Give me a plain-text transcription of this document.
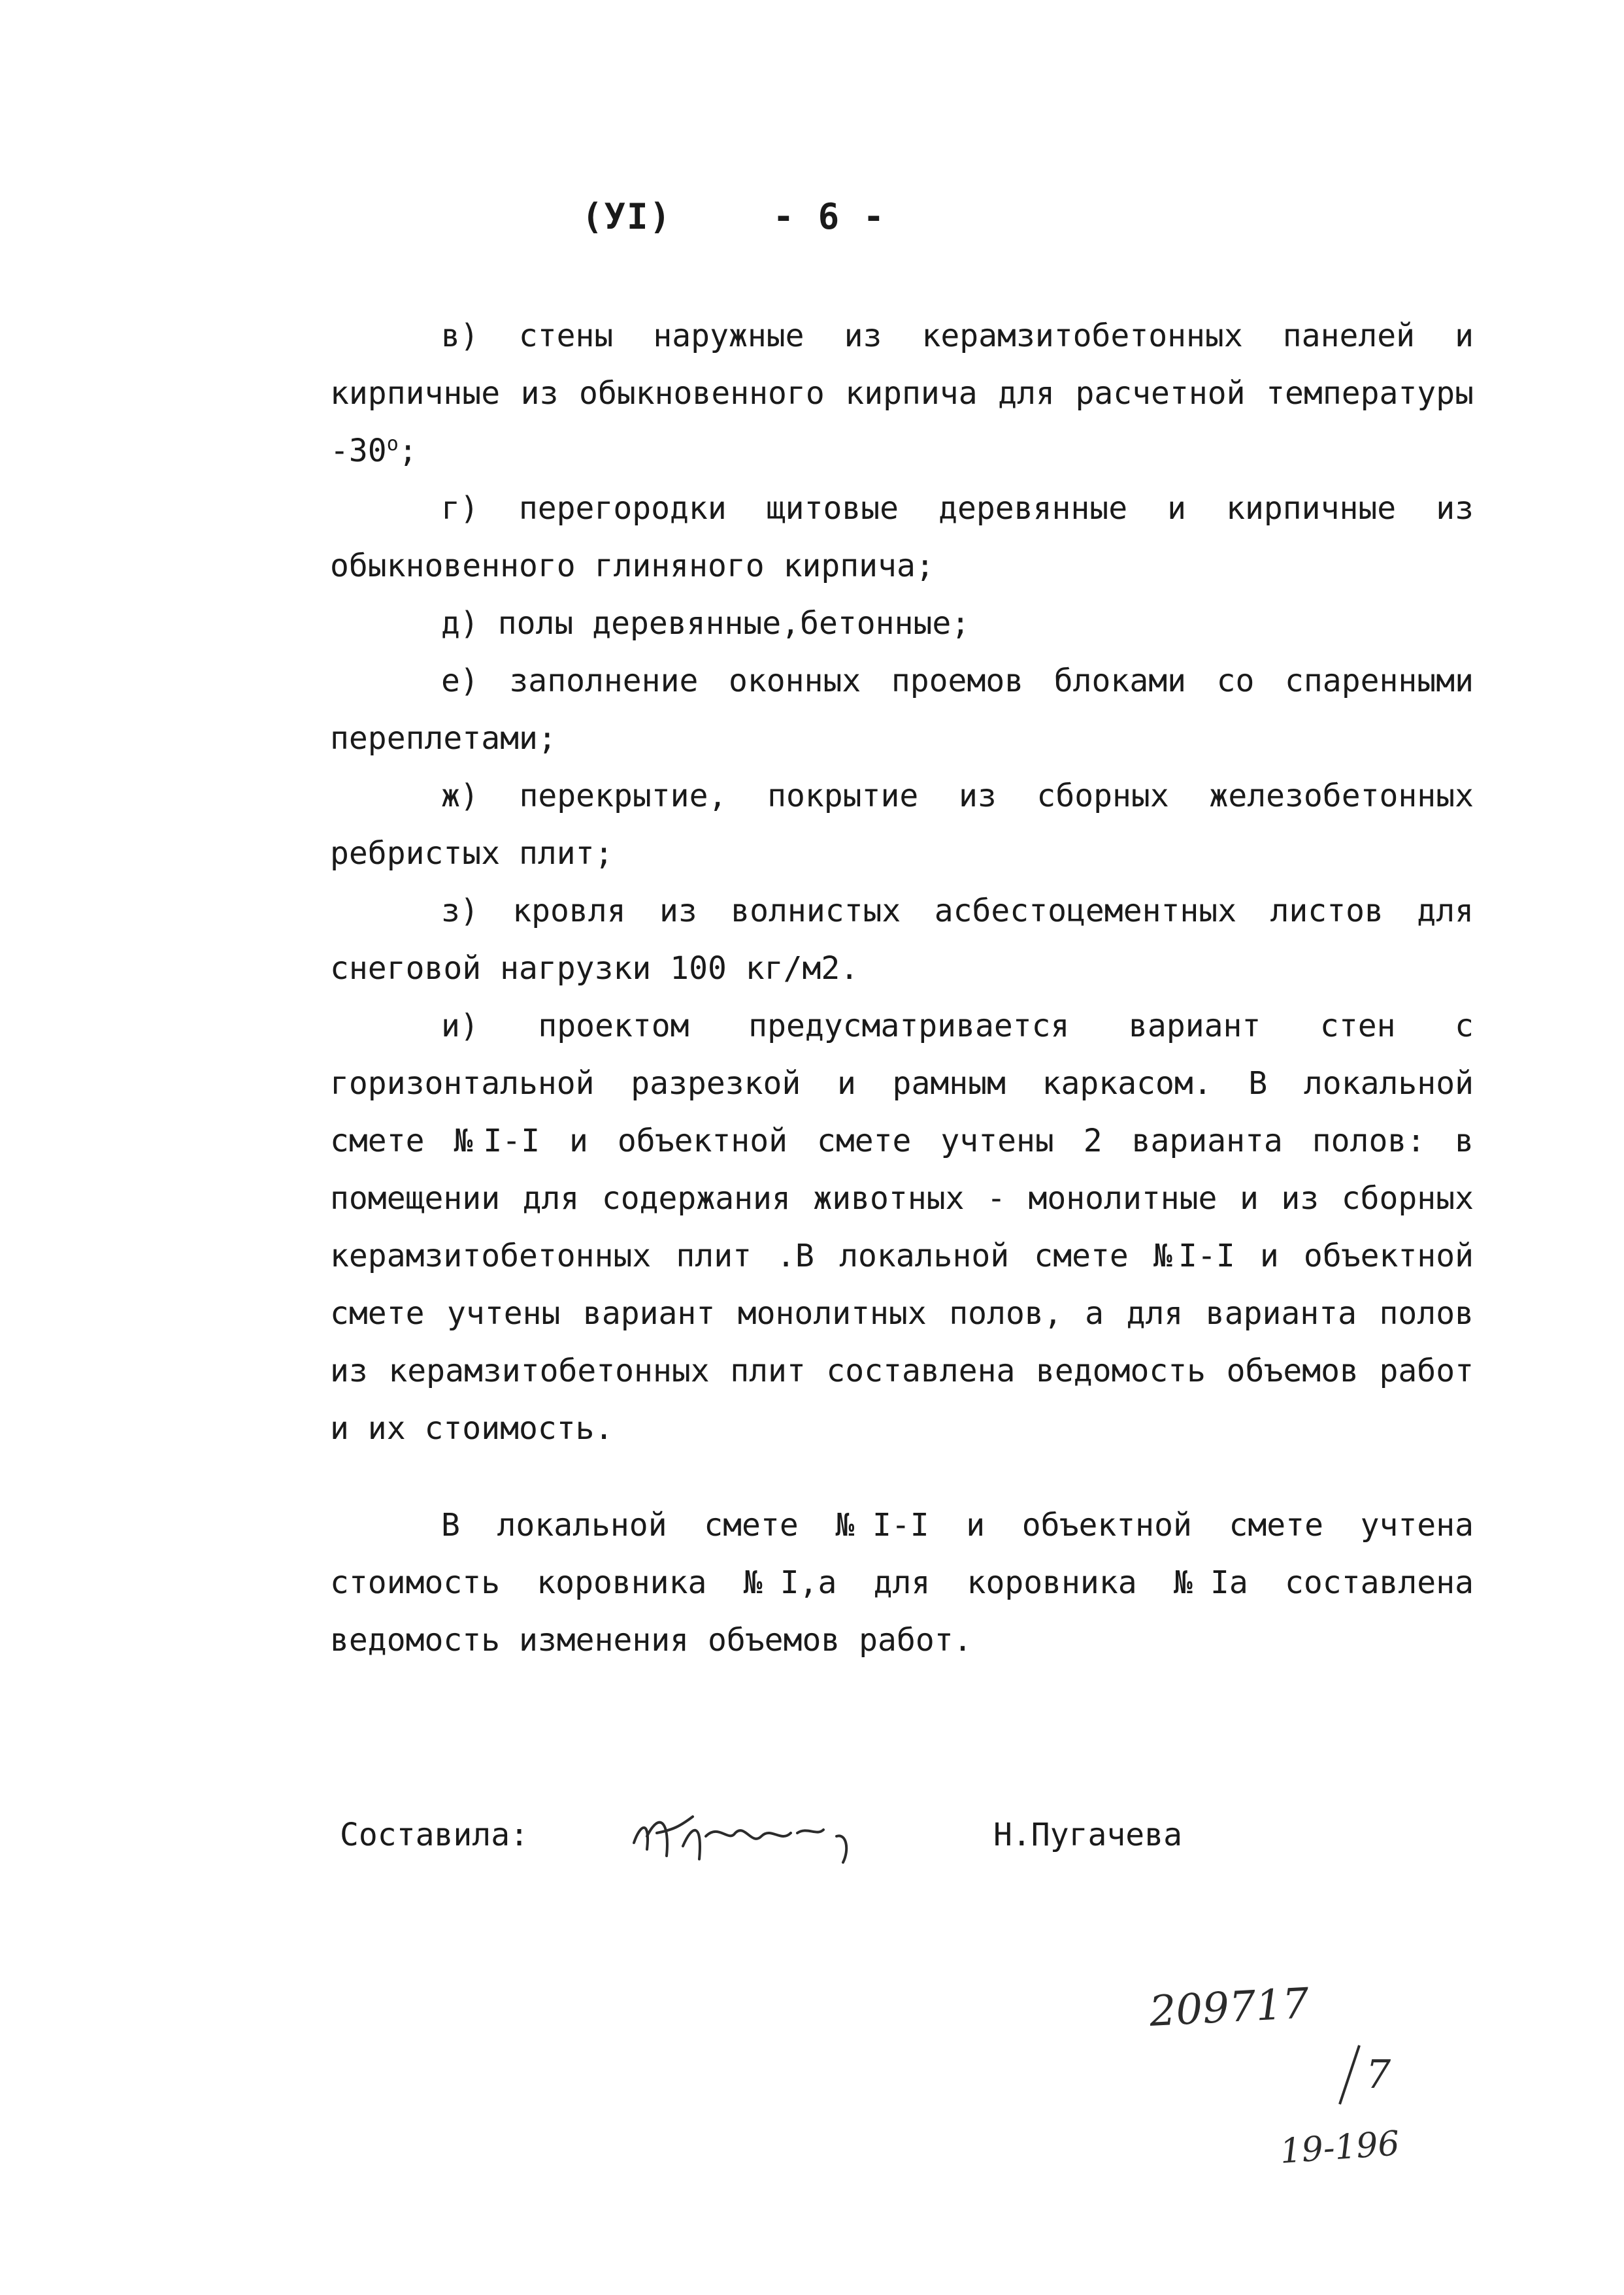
(УI)	- 6 -

в) стены наружные из керамзитобетонных панелей и кирпичные из обыкновенного кирпича для расчетной температуры $-30^о$;

г) перегородки щитовые деревянные и кирпичные из обыкновенного глиняного кирпича;

д) полы деревянные,бетонные;

е) заполнение оконных проемов блоками со спаренными переплетами;

ж) перекрытие, покрытие из сборных железобетонных ребристых плит;

з) кровля из волнистых асбестоцементных листов для снеговой нагрузки 100 кг/м2.

и) проектом предусматривается вариант стен с горизонтальной разрезкой и рамным каркасом. В локальной смете №I-I и объектной смете учтены 2 варианта полов: в помещении для содержания животных - монолитные и из сборных керамзитобетонных плит .В локальной смете №I-I и объектной смете учтены вариант монолитных полов, а для варианта полов из керамзитобетонных плит составлена ведомость объемов работ и их стоимость.

В локальной смете №I-I и объектной смете учтена стоимость коровника №I,а для коровника №Iа составлена ведомость изменения объемов работ.

Составила:	Н.Пугачева
209717
7
19-196
